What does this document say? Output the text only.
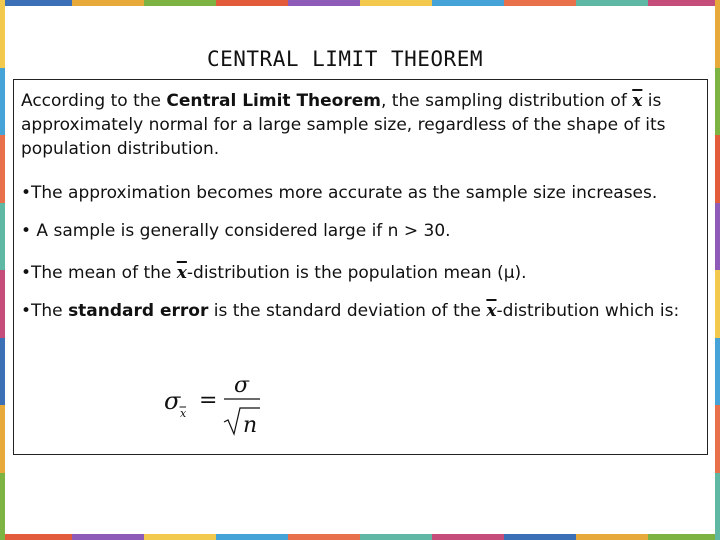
CENTRAL LIMIT THEOREM

According to the Central Limit Theorem, the sampling distribution of $\overline{x}$ is approximately normal for a large sample size, regardless of the shape of its population distribution.

•The approximation becomes more accurate as the sample size increases.

• A sample is generally considered large if n > 30.

•The mean of the $\overline{x}$-distribution is the population mean (μ).

•The standard error is the standard deviation of the $\overline{x}$-distribution which is:

σ x
=
σ
n
